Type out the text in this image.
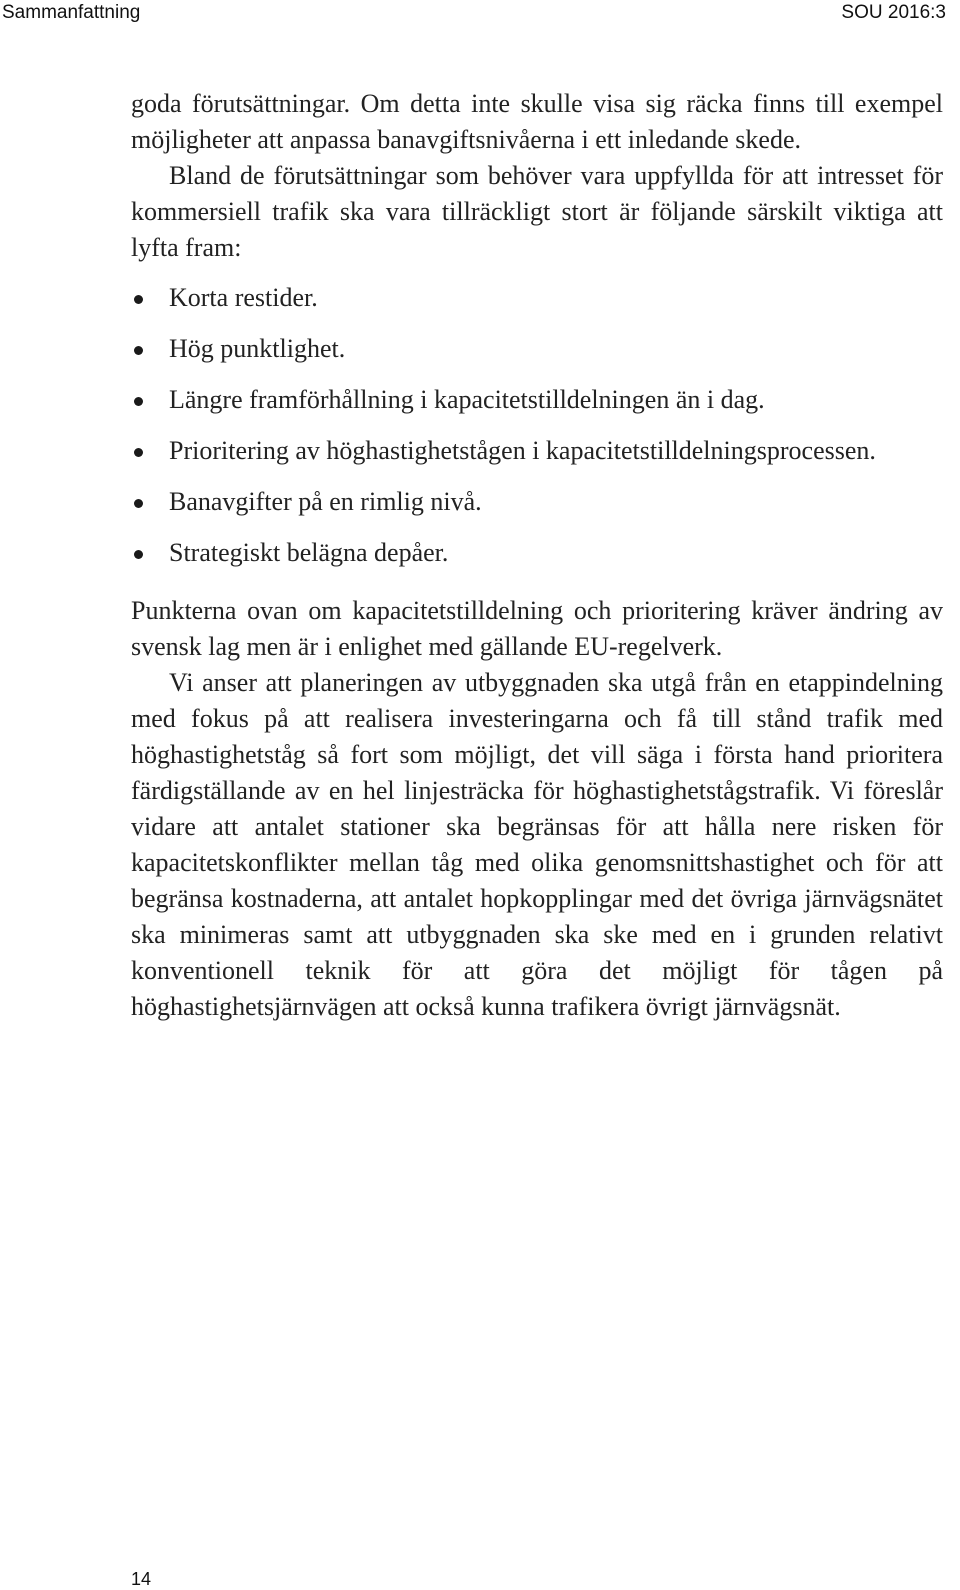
Sammanfattning	SOU 2016:3

goda förutsättningar. Om detta inte skulle visa sig räcka finns till exempel möjligheter att anpassa banavgiftsnivåerna i ett inledande skede.

Bland de förutsättningar som behöver vara uppfyllda för att intresset för kommersiell trafik ska vara tillräckligt stort är följande särskilt viktiga att lyfta fram:

Korta restider.
Hög punktlighet.
Längre framförhållning i kapacitetstilldelningen än i dag.
Prioritering av höghastighetstågen i kapacitetstilldelningsprocessen.
Banavgifter på en rimlig nivå.
Strategiskt belägna depåer.

Punkterna ovan om kapacitetstilldelning och prioritering kräver ändring av svensk lag men är i enlighet med gällande EU-regelverk.

Vi anser att planeringen av utbyggnaden ska utgå från en etappindelning med fokus på att realisera investeringarna och få till stånd trafik med höghastighetståg så fort som möjligt, det vill säga i första hand prioritera färdigställande av en hel linjesträcka för höghastighetstågstrafik. Vi föreslår vidare att antalet stationer ska begränsas för att hålla nere risken för kapacitetskonflikter mellan tåg med olika genomsnittshastighet och för att begränsa kostnaderna, att antalet hopkopplingar med det övriga järnvägsnätet ska minimeras samt att utbyggnaden ska ske med en i grunden relativt konventionell teknik för att göra det möjligt för tågen på höghastighetsjärnvägen att också kunna trafikera övrigt järnvägsnät.

14
